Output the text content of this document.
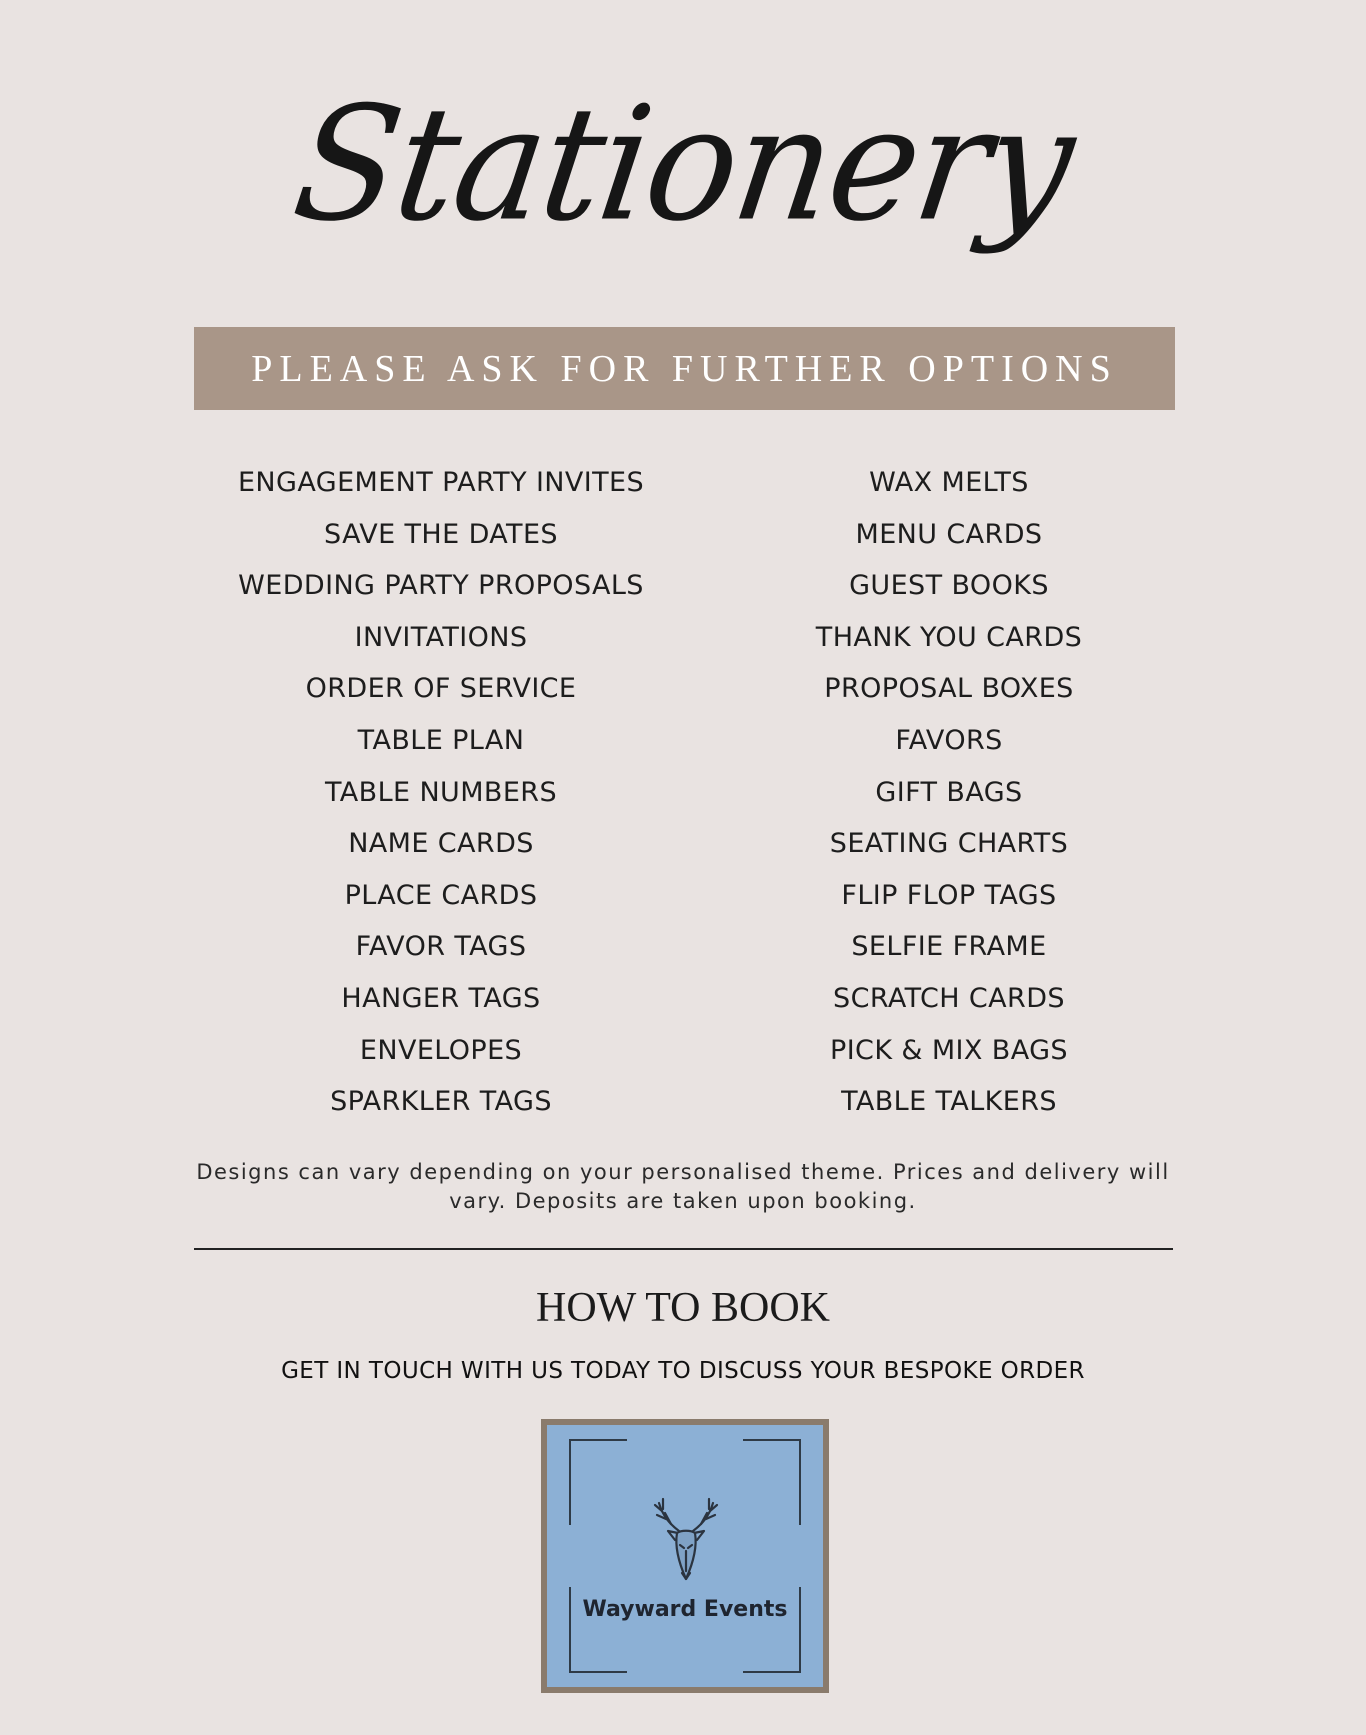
Stationery
PLEASE ASK FOR FURTHER OPTIONS
ENGAGEMENT PARTY INVITES
SAVE THE DATES
WEDDING PARTY PROPOSALS
INVITATIONS
ORDER OF SERVICE
TABLE PLAN
TABLE NUMBERS
NAME CARDS
PLACE CARDS
FAVOR TAGS
HANGER TAGS
ENVELOPES
SPARKLER TAGS
WAX MELTS
MENU CARDS
GUEST BOOKS
THANK YOU CARDS
PROPOSAL BOXES
FAVORS
GIFT BAGS
SEATING CHARTS
FLIP FLOP TAGS
SELFIE FRAME
SCRATCH CARDS
PICK & MIX BAGS
TABLE TALKERS
Designs can vary depending on your personalised theme. Prices and delivery will vary. Deposits are taken upon booking.
HOW TO BOOK
GET IN TOUCH WITH US TODAY TO DISCUSS YOUR BESPOKE ORDER
Wayward Events
